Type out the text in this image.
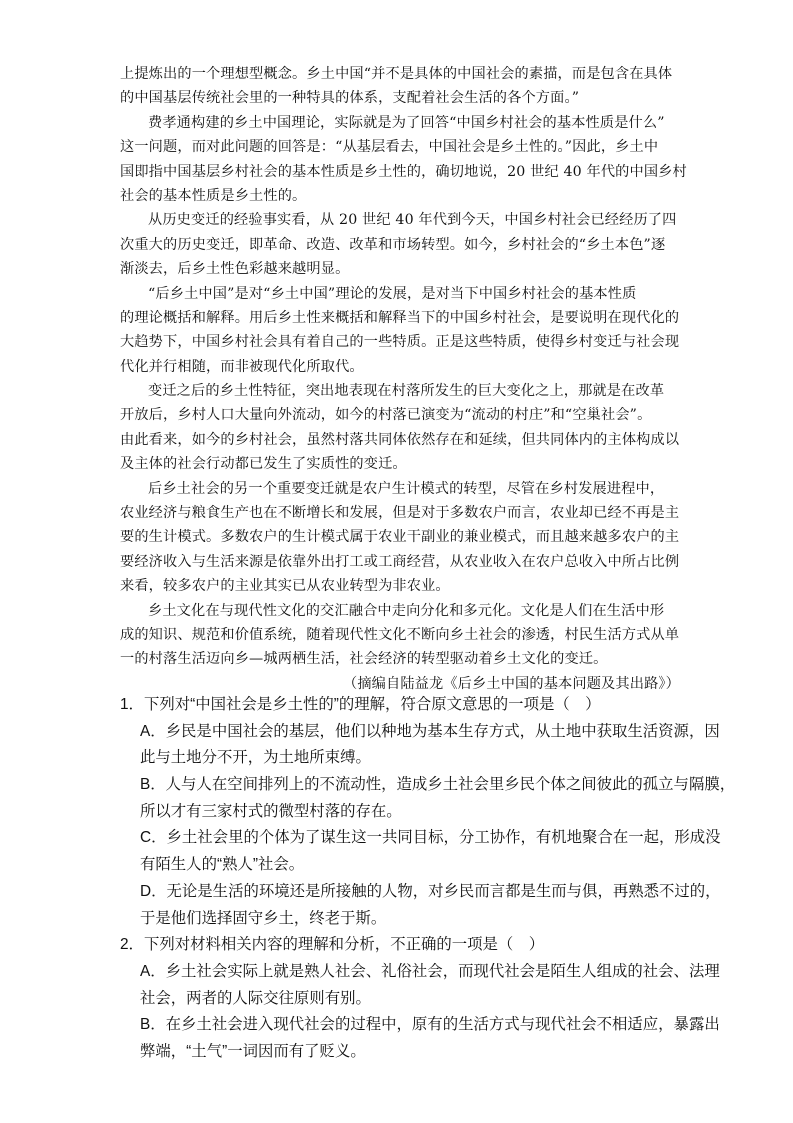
上提炼出的一个理想型概念。乡土中国“并不是具体的中国社会的素描，而是包含在具体
的中国基层传统社会里的一种特具的体系，支配着社会生活的各个方面。”
费孝通构建的乡土中国理论，实际就是为了回答“中国乡村社会的基本性质是什么”
这一问题，而对此问题的回答是：“从基层看去，中国社会是乡土性的。”因此，乡土中
国即指中国基层乡村社会的基本性质是乡土性的，确切地说，20 世纪 40 年代的中国乡村
社会的基本性质是乡土性的。
从历史变迁的经验事实看，从 20 世纪 40 年代到今天，中国乡村社会已经经历了四
次重大的历史变迁，即革命、改造、改革和市场转型。如今，乡村社会的“乡土本色”逐
渐淡去，后乡土性色彩越来越明显。
“后乡土中国”是对“乡土中国”理论的发展，是对当下中国乡村社会的基本性质
的理论概括和解释。用后乡土性来概括和解释当下的中国乡村社会，是要说明在现代化的
大趋势下，中国乡村社会具有着自己的一些特质。正是这些特质，使得乡村变迁与社会现
代化并行相随，而非被现代化所取代。
变迁之后的乡土性特征，突出地表现在村落所发生的巨大变化之上，那就是在改革
开放后，乡村人口大量向外流动，如今的村落已演变为“流动的村庄”和“空巢社会”。
由此看来，如今的乡村社会，虽然村落共同体依然存在和延续，但共同体内的主体构成以
及主体的社会行动都已发生了实质性的变迁。
后乡土社会的另一个重要变迁就是农户生计模式的转型，尽管在乡村发展进程中，
农业经济与粮食生产也在不断增长和发展，但是对于多数农户而言，农业却已经不再是主
要的生计模式。多数农户的生计模式属于农业干副业的兼业模式，而且越来越多农户的主
要经济收入与生活来源是依靠外出打工或工商经营，从农业收入在农户总收入中所占比例
来看，较多农户的主业其实已从农业转型为非农业。
乡土文化在与现代性文化的交汇融合中走向分化和多元化。文化是人们在生活中形
成的知识、规范和价值系统，随着现代性文化不断向乡土社会的渗透，村民生活方式从单
一的村落生活迈向乡—城两栖生活，社会经济的转型驱动着乡土文化的变迁。
（摘编自陆益龙《后乡土中国的基本问题及其出路》）
1．下列对“中国社会是乡土性的”的理解，符合原文意思的一项是（　）
A．乡民是中国社会的基层，他们以种地为基本生存方式，从土地中获取生活资源，因
此与土地分不开，为土地所束缚。
B．人与人在空间排列上的不流动性，造成乡土社会里乡民个体之间彼此的孤立与隔膜，
所以才有三家村式的微型村落的存在。
C．乡土社会里的个体为了谋生这一共同目标，分工协作，有机地聚合在一起，形成没
有陌生人的“熟人”社会。
D．无论是生活的环境还是所接触的人物，对乡民而言都是生而与俱，再熟悉不过的，
于是他们选择固守乡土，终老于斯。
2．下列对材料相关内容的理解和分析，不正确的一项是（　）
A．乡土社会实际上就是熟人社会、礼俗社会，而现代社会是陌生人组成的社会、法理
社会，两者的人际交往原则有别。
B．在乡土社会进入现代社会的过程中，原有的生活方式与现代社会不相适应，暴露出
弊端，“土气”一词因而有了贬义。
